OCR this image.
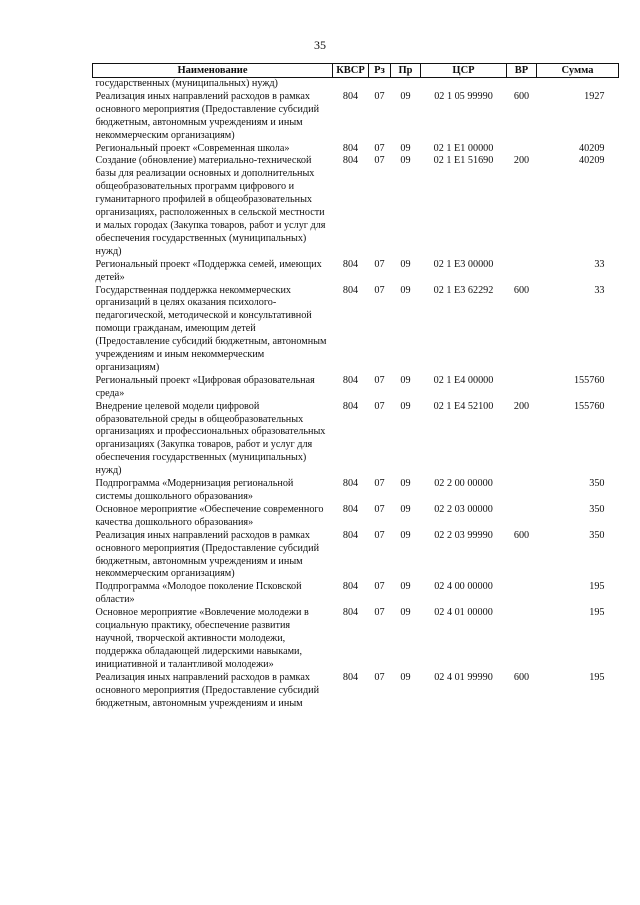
35
Наименование	КВСР	Рз	Пр	ЦСР	ВР	Сумма
государственных (муниципальных) нужд)						
Реализация иных направлений расходов в рамках основного мероприятия (Предоставление субсидий бюджетным, автономным учреждениям и иным некоммерческим организациям)	804	07	09	02 1 05 99990	600	1927
Региональный проект «Современная школа»	804	07	09	02 1 E1 00000		40209
Создание (обновление) материально-технической базы для реализации основных и дополнительных общеобразовательных программ цифрового и гуманитарного профилей в общеобразовательных организациях, расположенных в сельской местности и малых городах (Закупка товаров, работ и услуг для обеспечения государственных (муниципальных) нужд)	804	07	09	02 1 E1 51690	200	40209
Региональный проект «Поддержка семей, имеющих детей»	804	07	09	02 1 E3 00000		33
Государственная поддержка некоммерческих организаций в целях оказания психолого-педагогической, методической и консультативной помощи гражданам, имеющим детей (Предоставление субсидий бюджетным, автономным учреждениям и иным некоммерческим организациям)	804	07	09	02 1 E3 62292	600	33
Региональный проект «Цифровая образовательная среда»	804	07	09	02 1 E4 00000		155760
Внедрение целевой модели цифровой образовательной среды в общеобразовательных организациях и профессиональных образовательных организациях (Закупка товаров, работ и услуг для обеспечения государственных (муниципальных) нужд)	804	07	09	02 1 E4 52100	200	155760
Подпрограмма «Модернизация региональной системы дошкольного образования»	804	07	09	02 2 00 00000		350
Основное мероприятие «Обеспечение современного качества дошкольного образования»	804	07	09	02 2 03 00000		350
Реализация иных направлений расходов в рамках основного мероприятия (Предоставление субсидий бюджетным, автономным учреждениям и иным некоммерческим организациям)	804	07	09	02 2 03 99990	600	350
Подпрограмма «Молодое поколение Псковской области»	804	07	09	02 4 00 00000		195
Основное мероприятие «Вовлечение молодежи в социальную практику, обеспечение развития научной, творческой активности молодежи, поддержка обладающей лидерскими навыками, инициативной и талантливой молодежи»	804	07	09	02 4 01 00000		195
Реализация иных направлений расходов в рамках основного мероприятия (Предоставление субсидий бюджетным, автономным учреждениям и иным	804	07	09	02 4 01 99990	600	195
